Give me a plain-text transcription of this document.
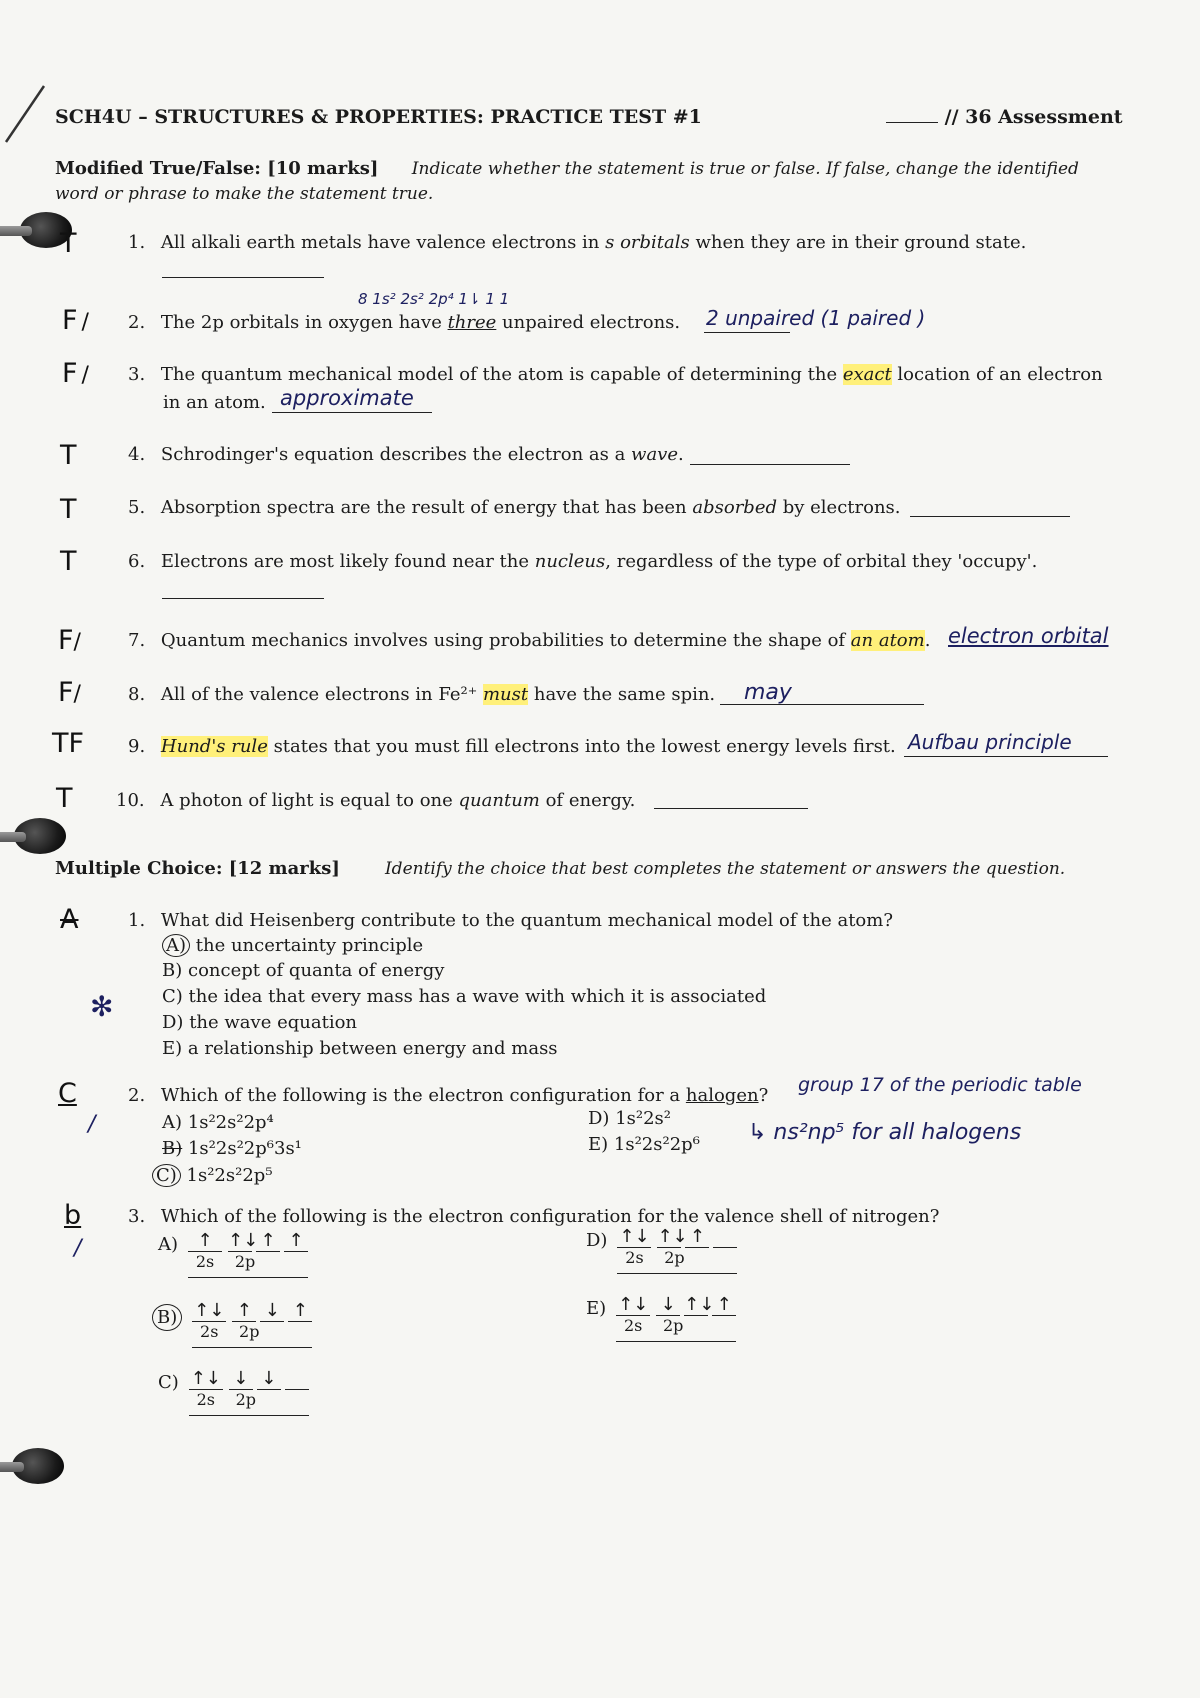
SCH4U – STRUCTURES & PROPERTIES: PRACTICE TEST #1	// 36 Assessment
Modified True/False: [10 marks] Indicate whether the statement is true or false. If false, change the identified
word or phrase to make the statement true.
T	1. All alkali earth metals have valence electrons in s orbitals when they are in their ground state.
8 1s² 2s² 2p⁴ 1⇂ 1 1
F / 2. The 2p orbitals in oxygen have three unpaired electrons. 2 unpaired (1 paired )
F / 3. The quantum mechanical model of the atom is capable of determining the exact location of an electron
in an atom. approximate
T	4. Schrodinger's equation describes the electron as a wave.
T	5. Absorption spectra are the result of energy that has been absorbed by electrons.
T	6. Electrons are most likely found near the nucleus, regardless of the type of orbital they 'occupy'.
F/	7. Quantum mechanics involves using probabilities to determine the shape of an atom. electron orbital
F/	8. All of the valence electrons in Fe²⁺ must have the same spin. may
TF 9. Hund's rule states that you must fill electrons into the lowest energy levels first. Aufbau principle
T 10. A photon of light is equal to one quantum of energy.
Multiple Choice: [12 marks]	Identify the choice that best completes the statement or answers the question.
A
✻
1. What did Heisenberg contribute to the quantum mechanical model of the atom?
A) the uncertainty principle
B) concept of quanta of energy
C) the idea that every mass has a wave with which it is associated
D) the wave equation
E) a relationship between energy and mass
C
/
2. Which of the following is the electron configuration for a halogen? group 17 of the periodic table
↳ ns²np⁵ for all halogens
A) 1s²2s²2p⁴
B) 1s²2s²2p⁶3s¹
C) 1s²2s²2p⁵
D) 1s²2s²
E) 1s²2s²2p⁶
b
/
3. Which of the following is the electron configuration for the valence shell of nitrogen?
A)	↑
2s
↑↓ ↑ ↑
2p
B) ↑↓
2s
↑ ↓ ↑
2p
C) ↑↓
2s
↓ ↓

2p
D) ↑↓
2s
↑↓ ↑

2p
E) ↑↓
2s
↓ ↑↓ ↑
2p
